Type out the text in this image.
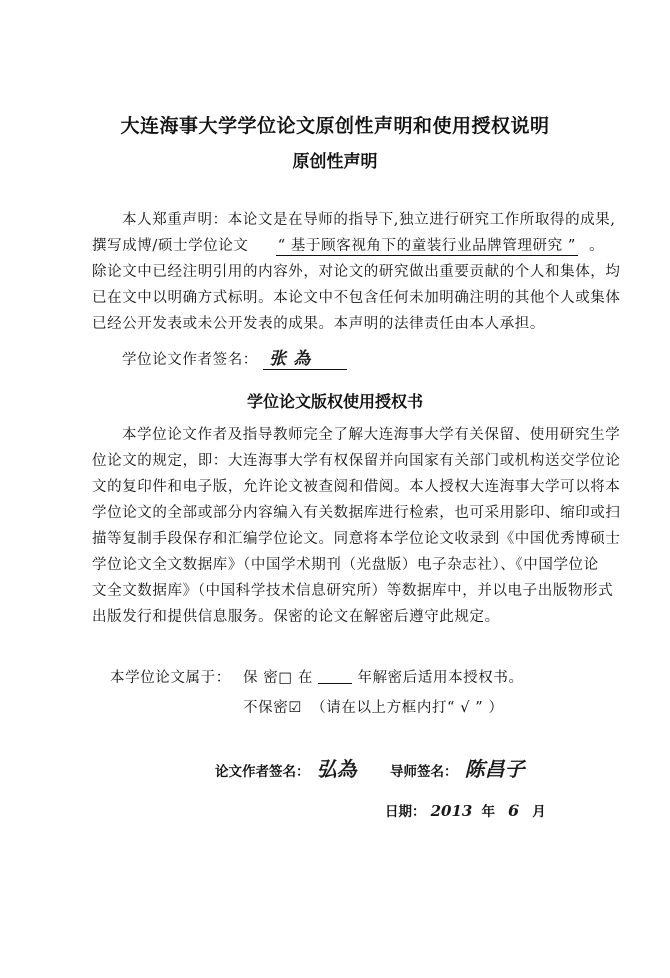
大连海事大学学位论文原创性声明和使用授权说明
原创性声明
本人郑重声明：本论文是在导师的指导下,独立进行研究工作所取得的成果,
撰写成博/硕士学位论文 “ 基于顾客视角下的童装行业品牌管理研究 ” 。
除论文中已经注明引用的内容外，对论文的研究做出重要贡献的个人和集体，均
已在文中以明确方式标明。本论文中不包含任何未加明确注明的其他个人或集体
已经公开发表或未公开发表的成果。本声明的法律责任由本人承担。
学位论文作者签名： 张 為
学位论文版权使用授权书
本学位论文作者及指导教师完全了解大连海事大学有关保留、使用研究生学
位论文的规定，即：大连海事大学有权保留并向国家有关部门或机构送交学位论
文的复印件和电子版，允许论文被查阅和借阅。本人授权大连海事大学可以将本
学位论文的全部或部分内容编入有关数据库进行检索，也可采用影印、缩印或扫
描等复制手段保存和汇编学位论文。同意将本学位论文收录到《中国优秀博硕士
学位论文全文数据库》（中国学术期刊（光盘版）电子杂志社）、《中国学位论
文全文数据库》（中国科学技术信息研究所）等数据库中，并以电子出版物形式
出版发行和提供信息服务。保密的论文在解密后遵守此规定。
本学位论文属于： 保 密□ 在	年解密后适用本授权书。
不保密☑ （请在以上方框内打“ √ ” ）
论文作者签名： 弘為 导师签名： 陈昌子
日期： 2013 年 6 月
